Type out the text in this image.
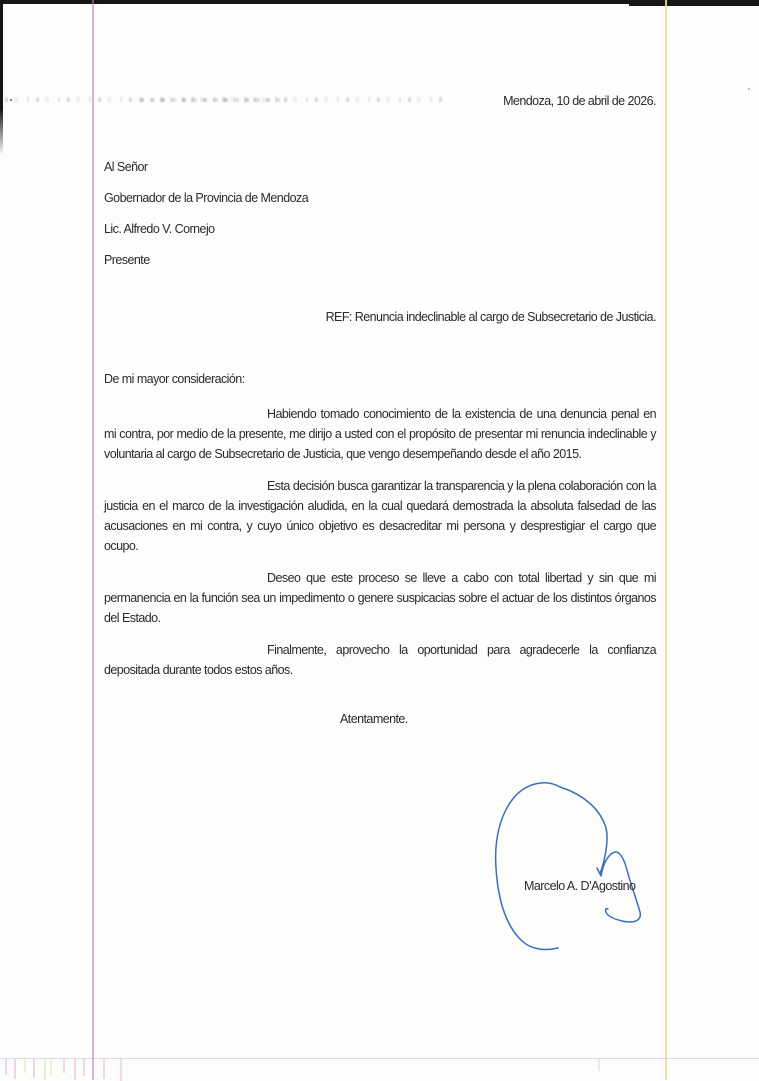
Mendoza, 10 de abril de 2026.
Al Señor
Gobernador de la Provincia de Mendoza
Lic. Alfredo V. Cornejo
Presente
REF: Renuncia indeclinable al cargo de Subsecretario de Justicia.
De mi mayor consideración:

Habiendo tomado conocimiento de la existencia de una denuncia penal en mi contra, por medio de la presente, me dirijo a usted con el propósito de presentar mi renuncia indeclinable y voluntaria al cargo de Subsecretario de Justicia, que vengo desempeñando desde el año 2015.

Esta decisión busca garantizar la transparencia y la plena colaboración con la justicia en el marco de la investigación aludida, en la cual quedará demostrada la absoluta falsedad de las acusaciones en mi contra, y cuyo único objetivo es desacreditar mi persona y desprestigiar el cargo que ocupo.

Deseo que este proceso se lleve a cabo con total libertad y sin que mi permanencia en la función sea un impedimento o genere suspicacias sobre el actuar de los distintos órganos del Estado.

Finalmente, aprovecho la oportunidad para agradecerle la confianza depositada durante todos estos años.

Atentamente.
Marcelo A. D’Agostino
